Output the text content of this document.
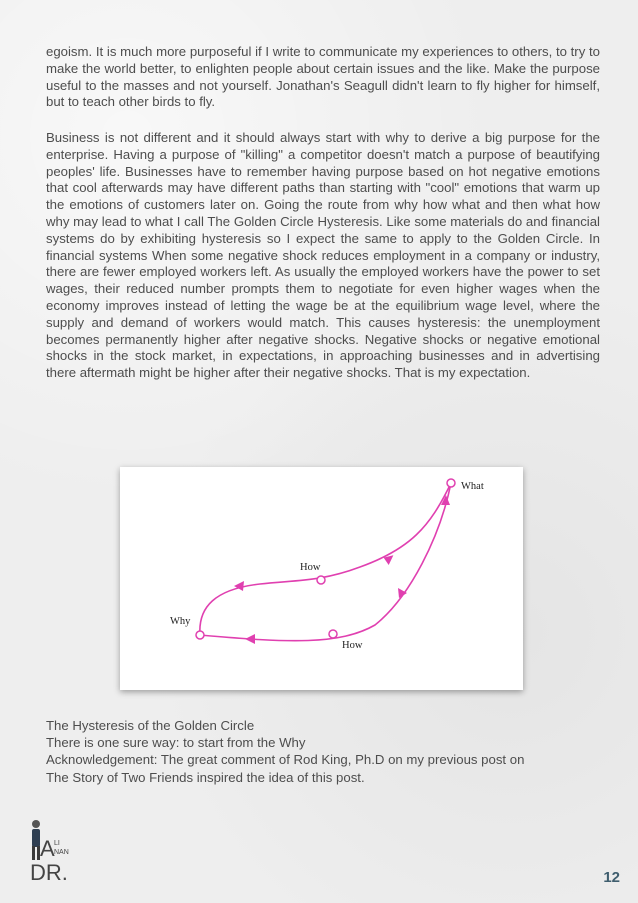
egoism. It is much more purposeful if I write to communicate my experiences to others, to try to make the world better, to enlighten people about certain issues and the like. Make the purpose useful to the masses and not yourself. Jonathan's Seagull didn't learn to fly higher for himself, but to teach other birds to fly.

Business is not different and it should always start with why to derive a big purpose for the enterprise. Having a purpose of "killing" a competitor doesn't match a purpose of beautifying peoples' life. Businesses have to remember having purpose based on hot negative emotions that cool afterwards may have different paths than starting with "cool" emotions that warm up the emotions of customers later on. Going the route from why how what and then what how why may lead to what I call The Golden Circle Hysteresis. Like some materials do and financial systems do by exhibiting hysteresis so I expect the same to apply to the Golden Circle. In financial systems When some negative shock reduces employment in a company or industry, there are fewer employed workers left. As usually the employed workers have the power to set wages, their reduced number prompts them to negotiate for even higher wages when the economy improves instead of letting the wage be at the equilibrium wage level, where the supply and demand of workers would match. This causes hysteresis: the unemployment becomes permanently higher after negative shocks. Negative shocks or negative emotional shocks in the stock market, in expectations, in approaching businesses and in advertising there aftermath might be higher after their negative shocks. That is my expectation.

What
How
How
Why
The Hysteresis of the Golden Circle
There is one sure way: to start from the Why
Acknowledgement: The great comment of Rod King, Ph.D on my previous post on
The Story of Two Friends inspired the idea of this post.
A LI
NAN
DR.	12
